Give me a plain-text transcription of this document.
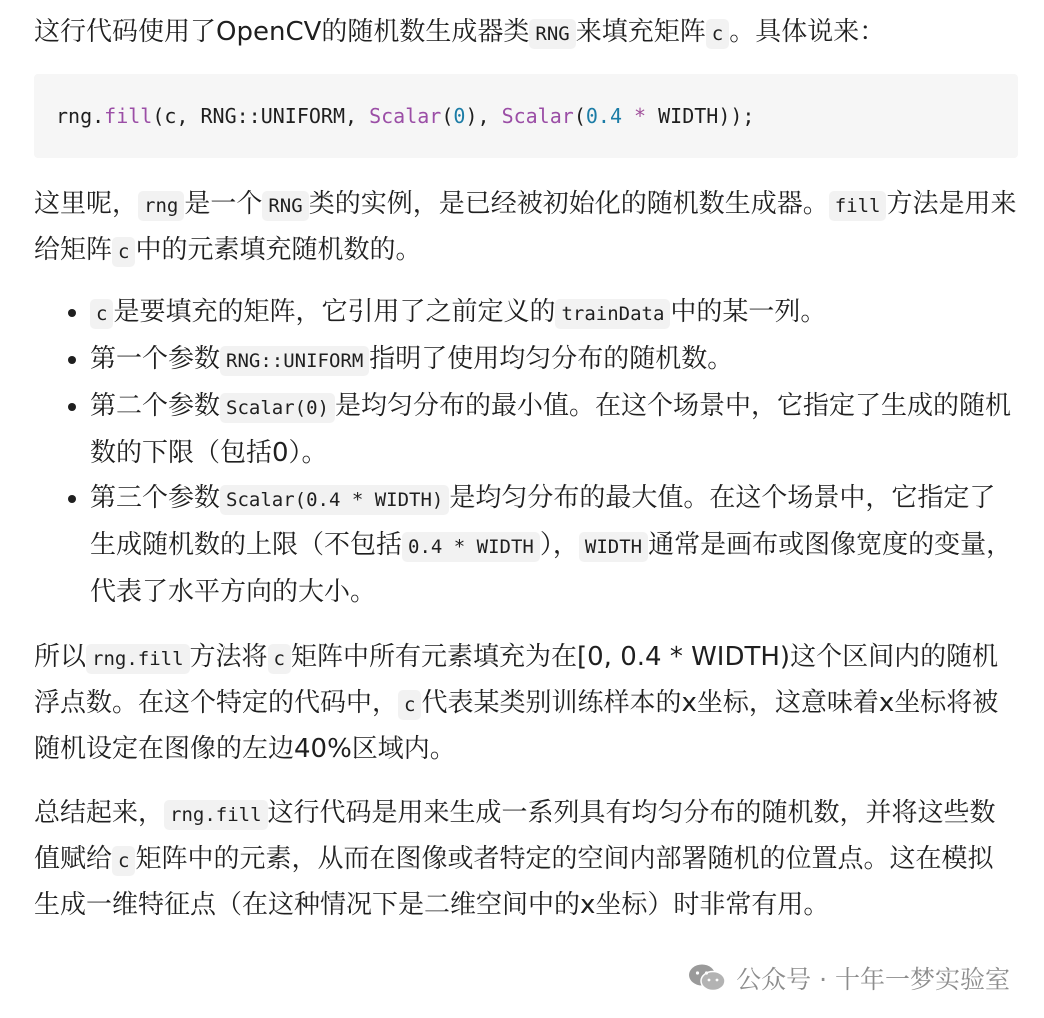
这行代码使用了OpenCV的随机数生成器类 RNG 来填充矩阵 c 。具体说来：

rng.fill(c, RNG::UNIFORM, Scalar(0), Scalar(0.4 * WIDTH));

这里呢， rng 是一个 RNG 类的实例，是已经被初始化的随机数生成器。 fill 方法是用来给矩阵 c 中的元素填充随机数的。

• c 是要填充的矩阵，它引用了之前定义的 trainData 中的某一列。
• 第一个参数 RNG::UNIFORM 指明了使用均匀分布的随机数。
• 第二个参数 Scalar(0) 是均匀分布的最小值。在这个场景中，它指定了生成的随机数的下限（包括0）。
• 第三个参数 Scalar(0.4 * WIDTH) 是均匀分布的最大值。在这个场景中，它指定了生成随机数的上限（不包括 0.4 * WIDTH ）， WIDTH 通常是画布或图像宽度的变量，代表了水平方向的大小。

所以 rng.fill 方法将 c 矩阵中所有元素填充为在[0, 0.4 * WIDTH)这个区间内的随机浮点数。在这个特定的代码中， c 代表某类别训练样本的x坐标，这意味着x坐标将被随机设定在图像的左边40%区域内。

总结起来， rng.fill 这行代码是用来生成一系列具有均匀分布的随机数，并将这些数值赋给 c 矩阵中的元素，从而在图像或者特定的空间内部署随机的位置点。这在模拟生成一维特征点（在这种情况下是二维空间中的x坐标）时非常有用。

公众号 · 十年一梦实验室
